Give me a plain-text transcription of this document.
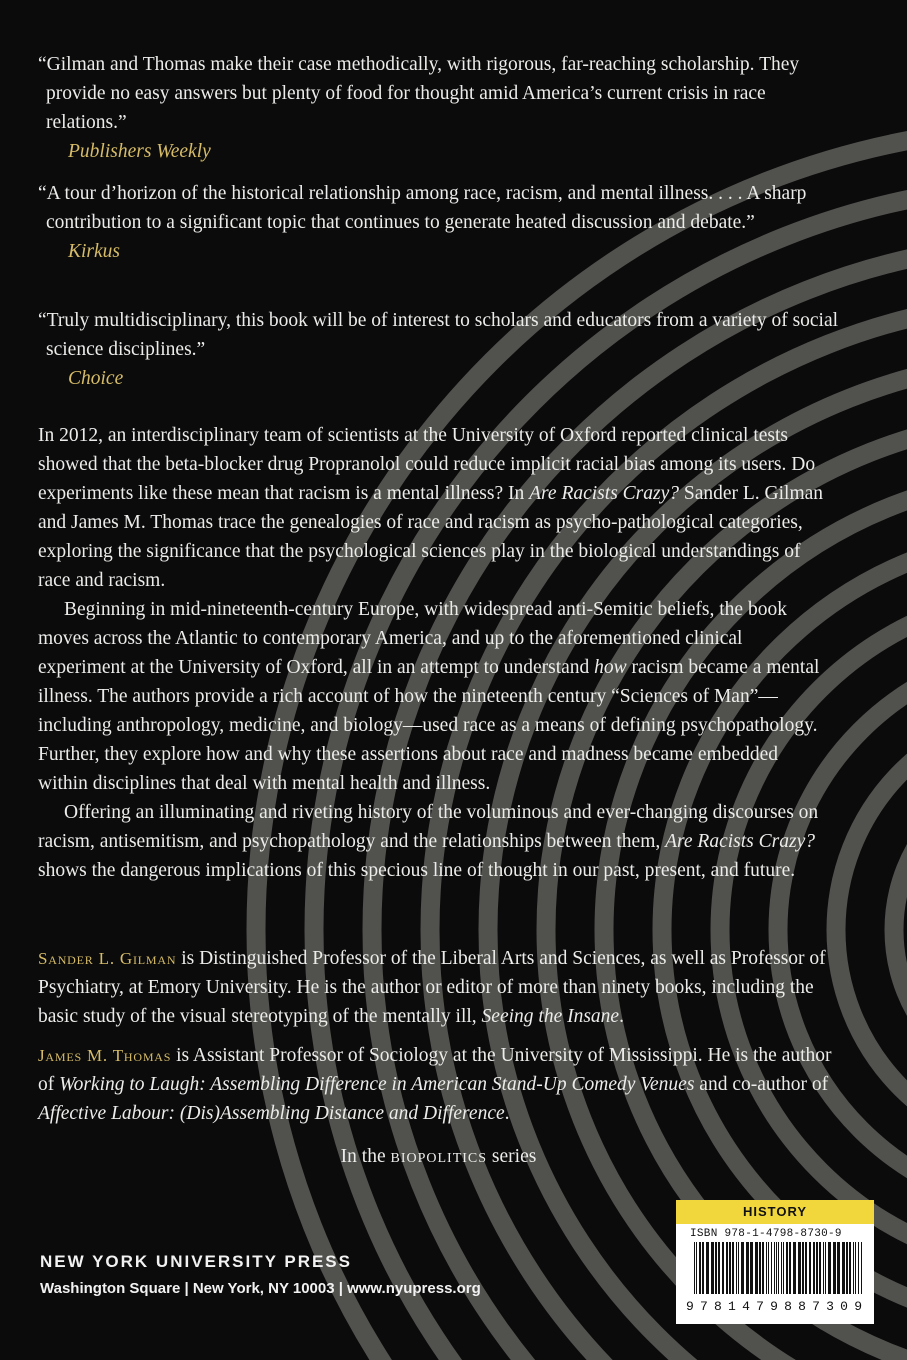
“Gilman and Thomas make their case methodically, with rigorous, far-reaching scholarship. They provide no easy answers but plenty of food for thought amid America’s current crisis in race relations.”
Publishers Weekly

“A tour d’horizon of the historical relationship among race, racism, and mental illness. . . . A sharp contribution to a significant topic that continues to generate heated discussion and debate.”
Kirkus

“Truly multidisciplinary, this book will be of interest to scholars and educators from a variety of social science disciplines.”
Choice

In 2012, an interdisciplinary team of scientists at the University of Oxford reported clinical tests showed that the beta-blocker drug Propranolol could reduce implicit racial bias among its users. Do experiments like these mean that racism is a mental illness? In Are Racists Crazy? Sander L. Gilman and James M. Thomas trace the genealogies of race and racism as psycho-pathological categories, exploring the significance that the psychological sciences play in the biological understandings of race and racism.

Beginning in mid-nineteenth-century Europe, with widespread anti-Semitic beliefs, the book moves across the Atlantic to contemporary America, and up to the aforementioned clinical experiment at the University of Oxford, all in an attempt to understand how racism became a mental illness. The authors provide a rich account of how the nineteenth century “Sciences of Man”—including anthropology, medicine, and biology—used race as a means of defining psychopathology. Further, they explore how and why these assertions about race and madness became embedded within disciplines that deal with mental health and illness.

Offering an illuminating and riveting history of the voluminous and ever-changing discourses on racism, antisemitism, and psychopathology and the relationships between them, Are Racists Crazy? shows the dangerous implications of this specious line of thought in our past, present, and future.

Sander L. Gilman is Distinguished Professor of the Liberal Arts and Sciences, as well as Professor of Psychiatry, at Emory University. He is the author or editor of more than ninety books, including the basic study of the visual stereotyping of the mentally ill, Seeing the Insane.

James M. Thomas is Assistant Professor of Sociology at the University of Mississippi. He is the author of Working to Laugh: Assembling Difference in American Stand-Up Comedy Venues and co-author of Affective Labour: (Dis)Assembling Distance and Difference.

In the biopolitics series
NEW YORK UNIVERSITY PRESS
Washington Square | New York, NY 10003 | www.nyupress.org
HISTORY
ISBN 978-1-4798-8730-9
9781479887309
